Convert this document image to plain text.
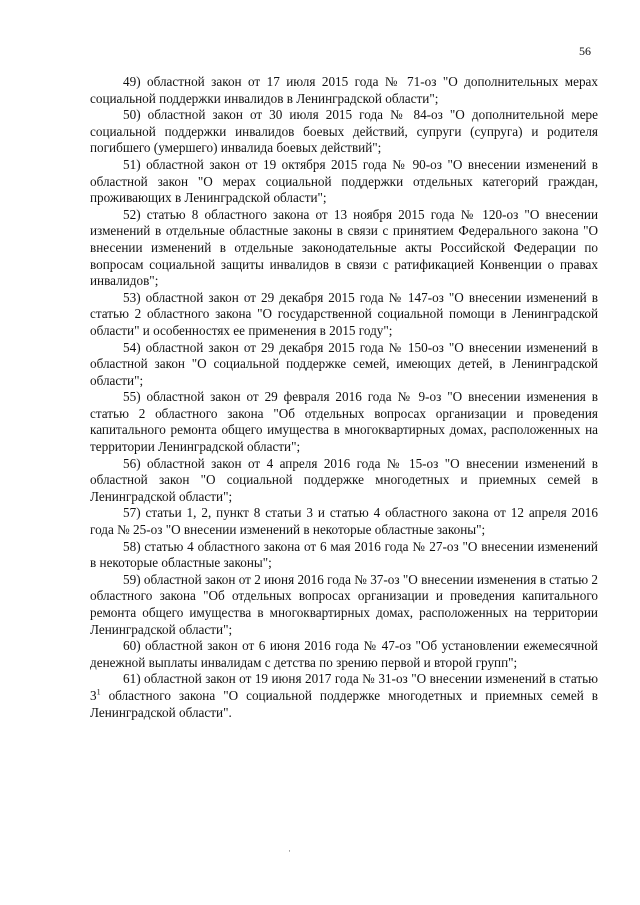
56

49) областной закон от 17 июля 2015 года № 71-оз "О дополнительных мерах социальной поддержки инвалидов в Ленинградской области";

50) областной закон от 30 июля 2015 года № 84-оз "О дополнительной мере социальной поддержки инвалидов боевых действий, супруги (супруга) и родителя погибшего (умершего) инвалида боевых действий";

51) областной закон от 19 октября 2015 года № 90-оз "О внесении изменений в областной закон "О мерах социальной поддержки отдельных категорий граждан, проживающих в Ленинградской области";

52) статью 8 областного закона от 13 ноября 2015 года № 120-оз "О внесении изменений в отдельные областные законы в связи с принятием Федерального закона "О внесении изменений в отдельные законодательные акты Российской Федерации по вопросам социальной защиты инвалидов в связи с ратификацией Конвенции о правах инвалидов";

53) областной закон от 29 декабря 2015 года № 147-оз "О внесении изменений в статью 2 областного закона "О государственной социальной помощи в Ленинградской области" и особенностях ее применения в 2015 году";

54) областной закон от 29 декабря 2015 года № 150-оз "О внесении изменений в областной закон "О социальной поддержке семей, имеющих детей, в Ленинградской области";

55) областной закон от 29 февраля 2016 года № 9-оз "О внесении изменения в статью 2 областного закона "Об отдельных вопросах организации и проведения капитального ремонта общего имущества в многоквартирных домах, расположенных на территории Ленинградской области";

56) областной закон от 4 апреля 2016 года № 15-оз "О внесении изменений в областной закон "О социальной поддержке многодетных и приемных семей в Ленинградской области";

57) статьи 1, 2, пункт 8 статьи 3 и статью 4 областного закона от 12 апреля 2016 года № 25-оз "О внесении изменений в некоторые областные законы";

58) статью 4 областного закона от 6 мая 2016 года № 27-оз "О внесении изменений в некоторые областные законы";

59) областной закон от 2 июня 2016 года № 37-оз "О внесении изменения в статью 2 областного закона "Об отдельных вопросах организации и проведения капитального ремонта общего имущества в многоквартирных домах, расположенных на территории Ленинградской области";

60) областной закон от 6 июня 2016 года № 47-оз "Об установлении ежемесячной денежной выплаты инвалидам с детства по зрению первой и второй групп";

61) областной закон от 19 июня 2017 года № 31-оз "О внесении изменений в статью $3^1$ областного закона "О социальной поддержке многодетных и приемных семей в Ленинградской области".

·
